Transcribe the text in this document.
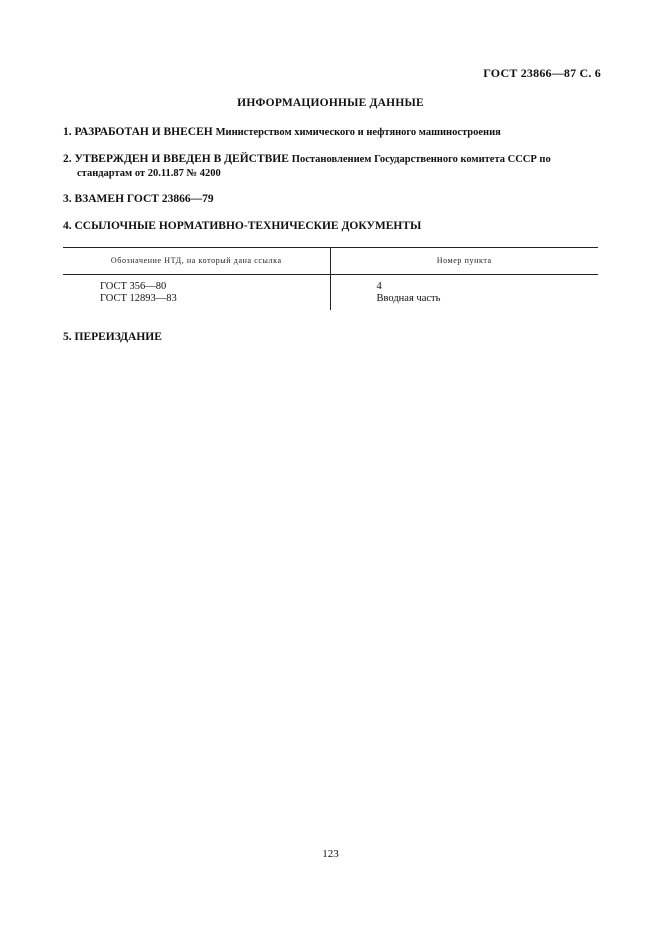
ГОСТ 23866—87 С. 6
ИНФОРМАЦИОННЫЕ ДАННЫЕ
1. РАЗРАБОТАН И ВНЕСЕН Министерством химического и нефтяного машиностроения
2. УТВЕРЖДЕН И ВВЕДЕН В ДЕЙСТВИЕ Постановлением Государственного комитета СССР по
стандартам от 20.11.87 № 4200
3. ВЗАМЕН ГОСТ 23866—79
4. ССЫЛОЧНЫЕ НОРМАТИВНО-ТЕХНИЧЕСКИЕ ДОКУМЕНТЫ
Обозначение НТД, на который дана ссылка	Номер пункта
ГОСТ 356—80
ГОСТ 12893—83
4
Вводная часть
5. ПЕРЕИЗДАНИЕ
123
